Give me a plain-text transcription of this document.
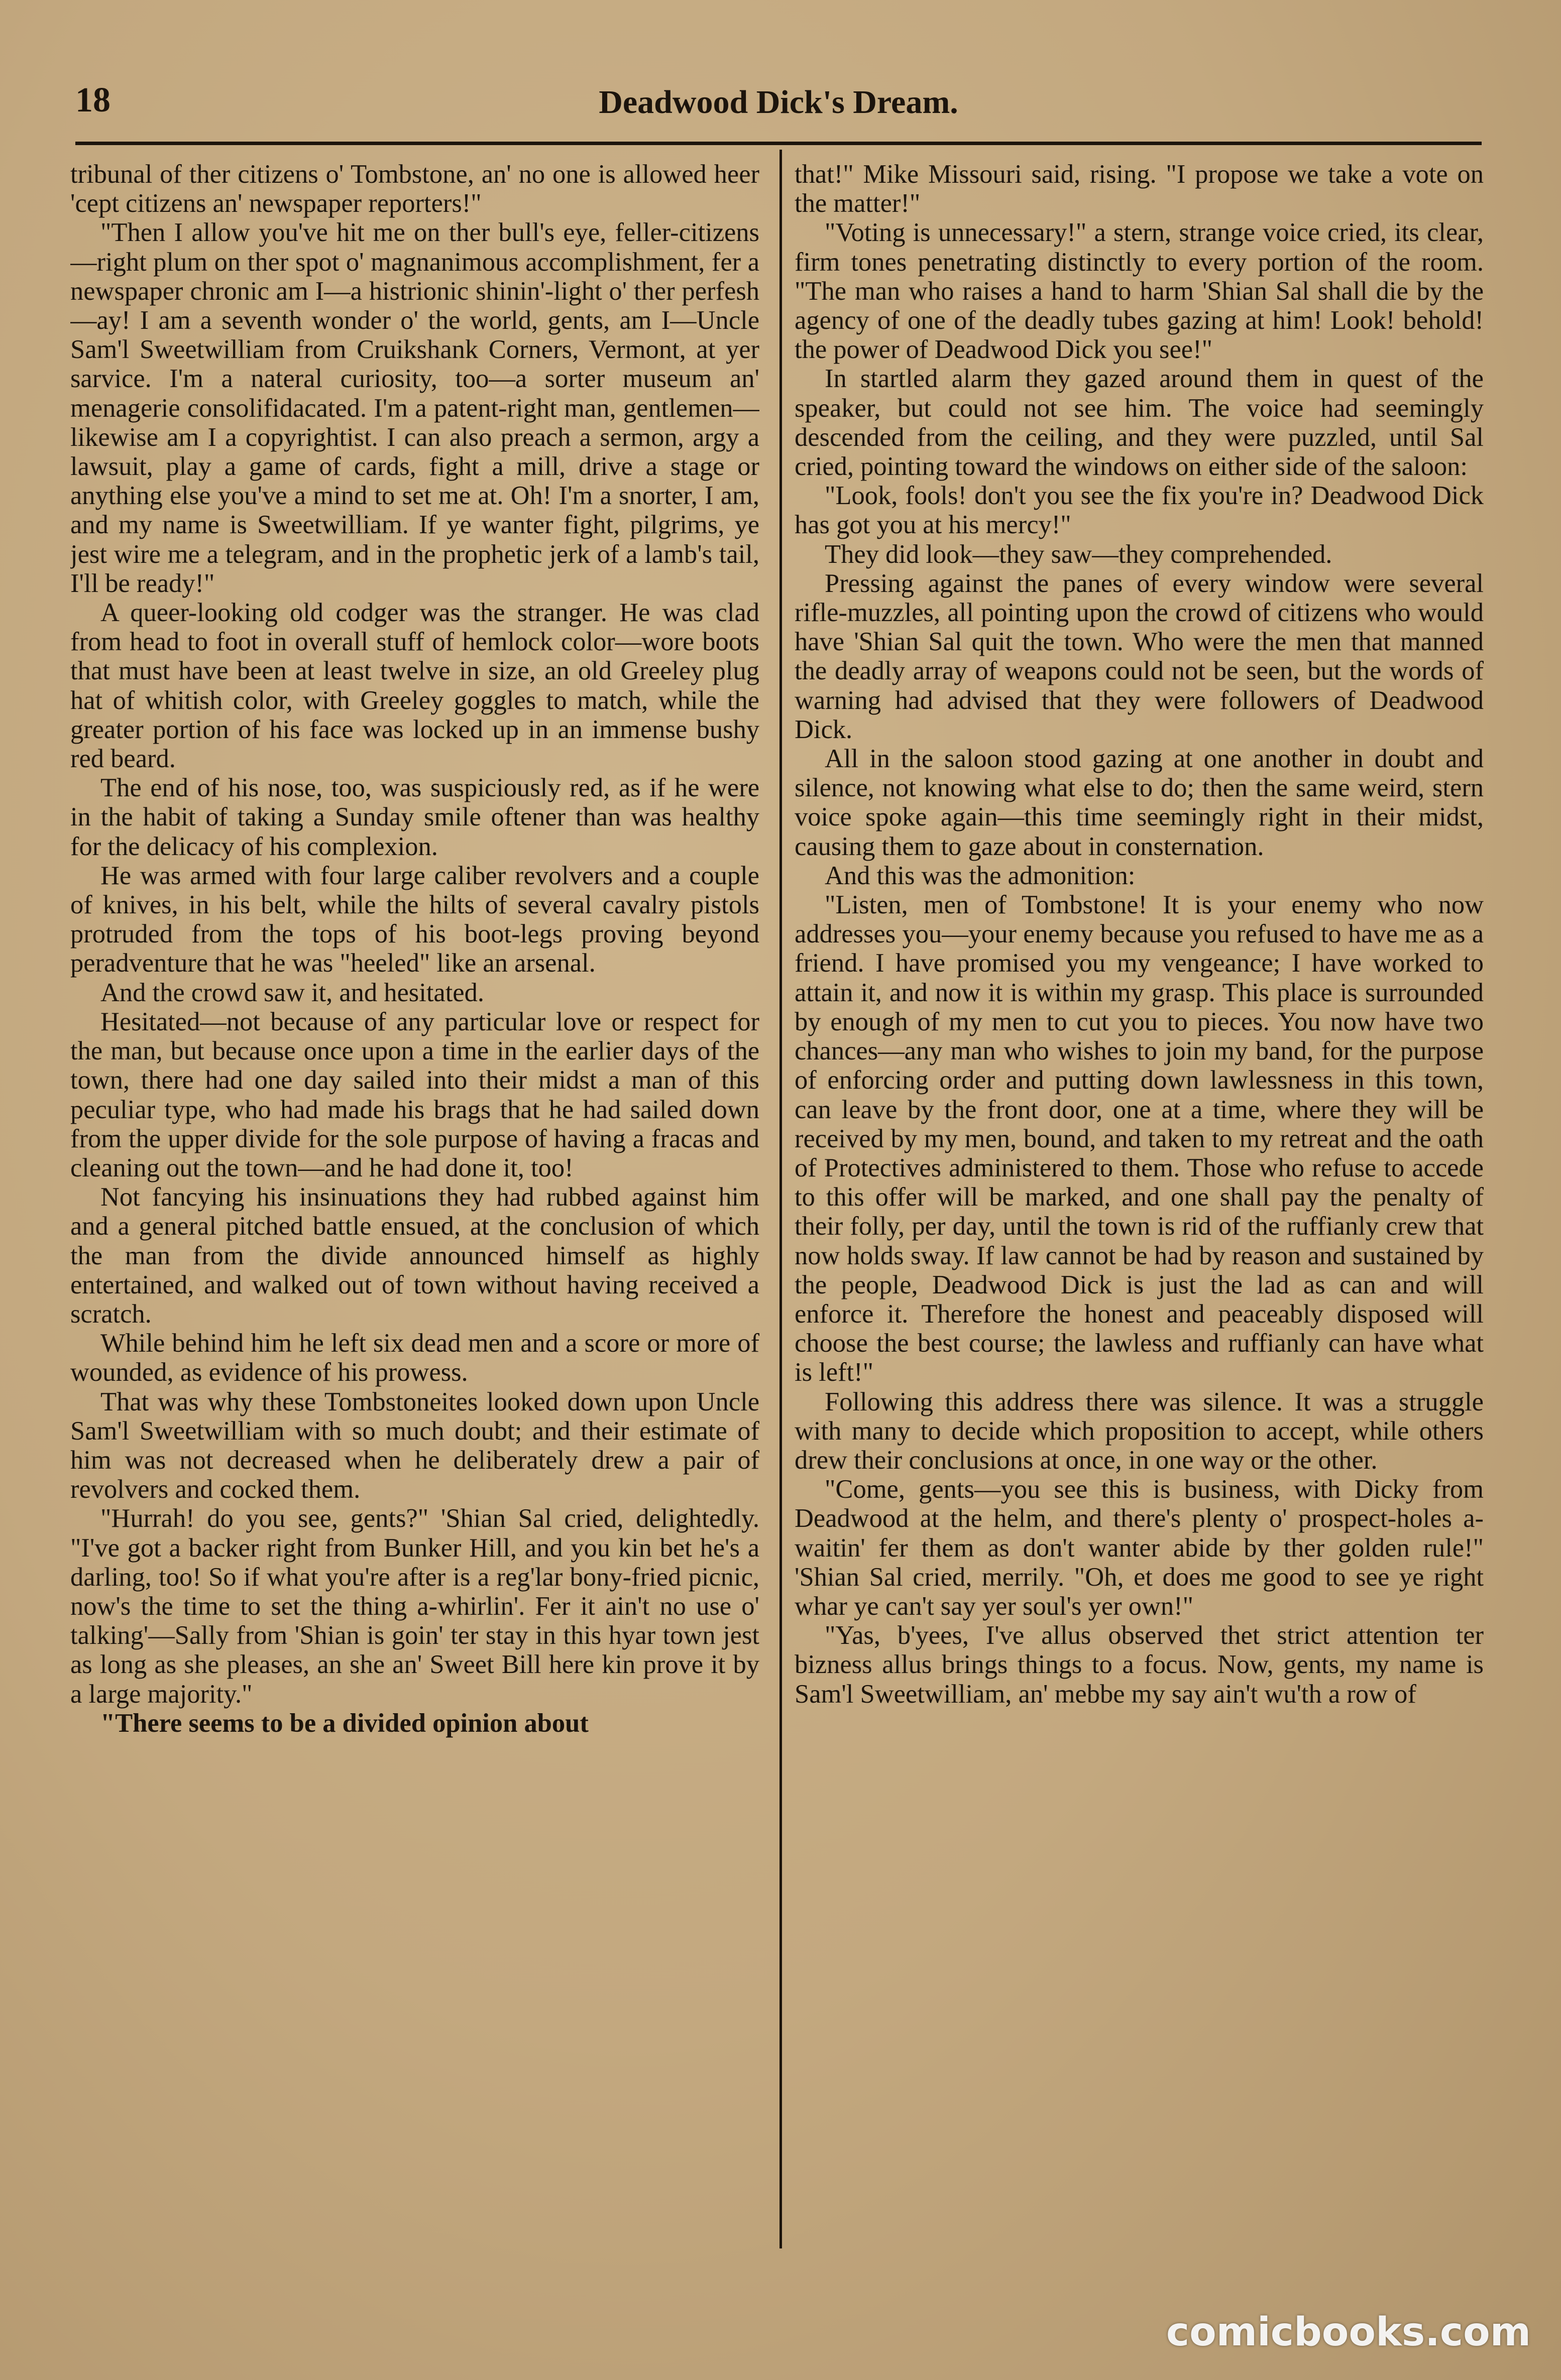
18	Deadwood Dick's Dream.

tribunal of ther citizens o' Tombstone, an' no one is allowed heer 'cept citizens an' newspaper reporters!"

"Then I allow you've hit me on ther bull's eye, feller-citizens—right plum on ther spot o' magnanimous accomplishment, fer a newspaper chronic am I—a histrionic shinin'-light o' ther perfesh—ay! I am a seventh wonder o' the world, gents, am I—Uncle Sam'l Sweetwilliam from Cruikshank Corners, Vermont, at yer sarvice. I'm a nateral curiosity, too—a sorter museum an' menagerie consolifidacated. I'm a patent-right man, gentlemen—likewise am I a copyrightist. I can also preach a sermon, argy a lawsuit, play a game of cards, fight a mill, drive a stage or anything else you've a mind to set me at. Oh! I'm a snorter, I am, and my name is Sweetwilliam. If ye wanter fight, pilgrims, ye jest wire me a telegram, and in the prophetic jerk of a lamb's tail, I'll be ready!"

A queer-looking old codger was the stranger. He was clad from head to foot in overall stuff of hemlock color—wore boots that must have been at least twelve in size, an old Greeley plug hat of whitish color, with Greeley goggles to match, while the greater portion of his face was locked up in an immense bushy red beard.

The end of his nose, too, was suspiciously red, as if he were in the habit of taking a Sunday smile oftener than was healthy for the delicacy of his complexion.

He was armed with four large caliber revolvers and a couple of knives, in his belt, while the hilts of several cavalry pistols protruded from the tops of his boot-legs proving beyond peradventure that he was "heeled" like an arsenal.

And the crowd saw it, and hesitated.

Hesitated—not because of any particular love or respect for the man, but because once upon a time in the earlier days of the town, there had one day sailed into their midst a man of this peculiar type, who had made his brags that he had sailed down from the upper divide for the sole purpose of having a fracas and cleaning out the town—and he had done it, too!

Not fancying his insinuations they had rubbed against him and a general pitched battle ensued, at the conclusion of which the man from the divide announced himself as highly entertained, and walked out of town without having received a scratch.

While behind him he left six dead men and a score or more of wounded, as evidence of his prowess.

That was why these Tombstoneites looked down upon Uncle Sam'l Sweetwilliam with so much doubt; and their estimate of him was not decreased when he deliberately drew a pair of revolvers and cocked them.

"Hurrah! do you see, gents?" 'Shian Sal cried, delightedly. "I've got a backer right from Bunker Hill, and you kin bet he's a darling, too! So if what you're after is a reg'lar bony-fried picnic, now's the time to set the thing a-whirlin'. Fer it ain't no use o' talking'—Sally from 'Shian is goin' ter stay in this hyar town jest as long as she pleases, an she an' Sweet Bill here kin prove it by a large majority."

"There seems to be a divided opinion about

that!" Mike Missouri said, rising. "I propose we take a vote on the matter!"

"Voting is unnecessary!" a stern, strange voice cried, its clear, firm tones penetrating distinctly to every portion of the room. "The man who raises a hand to harm 'Shian Sal shall die by the agency of one of the deadly tubes gazing at him! Look! behold! the power of Deadwood Dick you see!"

In startled alarm they gazed around them in quest of the speaker, but could not see him. The voice had seemingly descended from the ceiling, and they were puzzled, until Sal cried, pointing toward the windows on either side of the saloon:

"Look, fools! don't you see the fix you're in? Deadwood Dick has got you at his mercy!"

They did look—they saw—they comprehended.

Pressing against the panes of every window were several rifle-muzzles, all pointing upon the crowd of citizens who would have 'Shian Sal quit the town. Who were the men that manned the deadly array of weapons could not be seen, but the words of warning had advised that they were followers of Deadwood Dick.

All in the saloon stood gazing at one another in doubt and silence, not knowing what else to do; then the same weird, stern voice spoke again—this time seemingly right in their midst, causing them to gaze about in consternation.

And this was the admonition:

"Listen, men of Tombstone! It is your enemy who now addresses you—your enemy because you refused to have me as a friend. I have promised you my vengeance; I have worked to attain it, and now it is within my grasp. This place is surrounded by enough of my men to cut you to pieces. You now have two chances—any man who wishes to join my band, for the purpose of enforcing order and putting down lawlessness in this town, can leave by the front door, one at a time, where they will be received by my men, bound, and taken to my retreat and the oath of Protectives administered to them. Those who refuse to accede to this offer will be marked, and one shall pay the penalty of their folly, per day, until the town is rid of the ruffianly crew that now holds sway. If law cannot be had by reason and sustained by the people, Deadwood Dick is just the lad as can and will enforce it. Therefore the honest and peaceably disposed will choose the best course; the lawless and ruffianly can have what is left!"

Following this address there was silence. It was a struggle with many to decide which proposition to accept, while others drew their conclusions at once, in one way or the other.

"Come, gents—you see this is business, with Dicky from Deadwood at the helm, and there's plenty o' prospect-holes a-waitin' fer them as don't wanter abide by ther golden rule!" 'Shian Sal cried, merrily. "Oh, et does me good to see ye right whar ye can't say yer soul's yer own!"

"Yas, b'yees, I've allus observed thet strict attention ter bizness allus brings things to a focus. Now, gents, my name is Sam'l Sweetwilliam, an' mebbe my say ain't wu'th a row of

comicbooks.com
